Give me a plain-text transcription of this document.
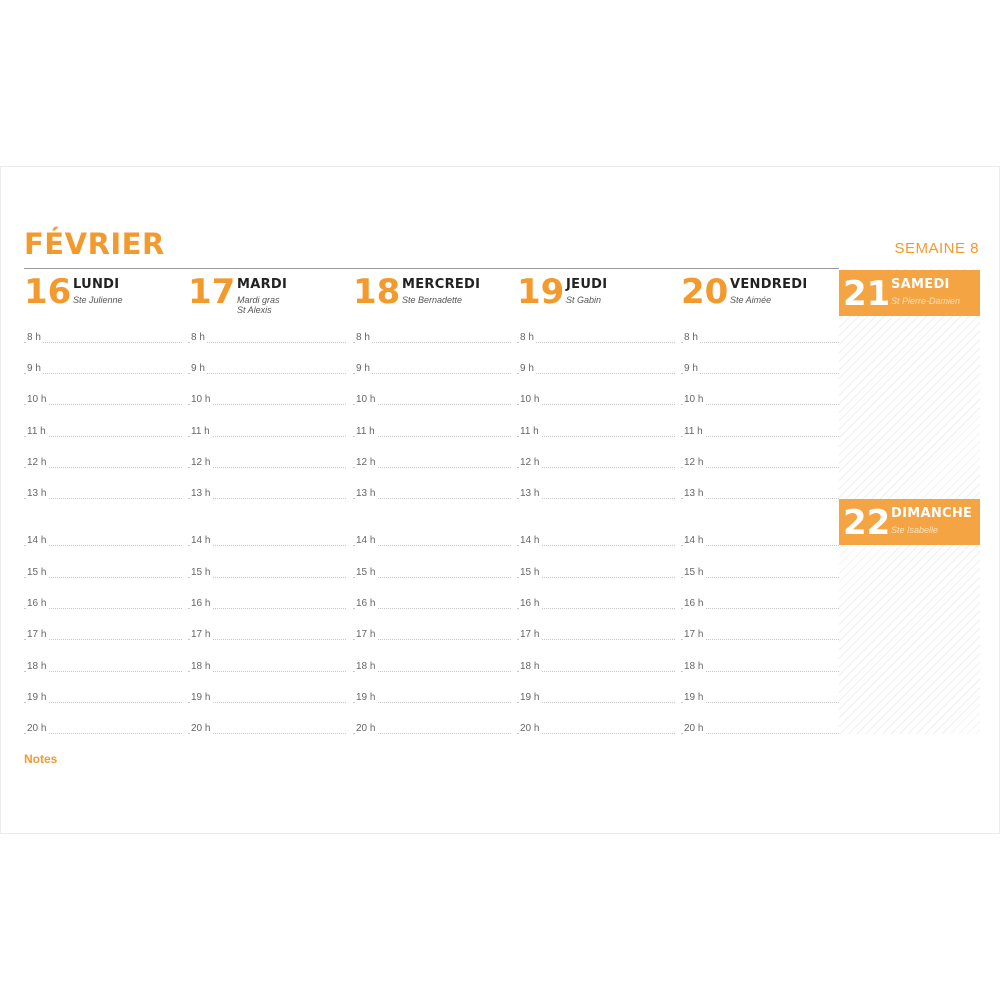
FÉVRIER	SEMAINE 8
16 LUNDI
Ste Julienne
8 h
9 h
10 h
11 h
12 h
13 h
14 h
15 h
16 h
17 h
18 h
19 h
20 h
17 MARDI
Mardi gras
St Alexis
8 h
9 h
10 h
11 h
12 h
13 h
14 h
15 h
16 h
17 h
18 h
19 h
20 h
18 MERCREDI
Ste Bernadette
8 h
9 h
10 h
11 h
12 h
13 h
14 h
15 h
16 h
17 h
18 h
19 h
20 h
19 JEUDI
St Gabin
8 h
9 h
10 h
11 h
12 h
13 h
14 h
15 h
16 h
17 h
18 h
19 h
20 h
20 VENDREDI
Ste Aimée
8 h
9 h
10 h
11 h
12 h
13 h
14 h
15 h
16 h
17 h
18 h
19 h
20 h
21 SAMEDI
St Pierre-Damien
22 DIMANCHE
Ste Isabelle
Notes
